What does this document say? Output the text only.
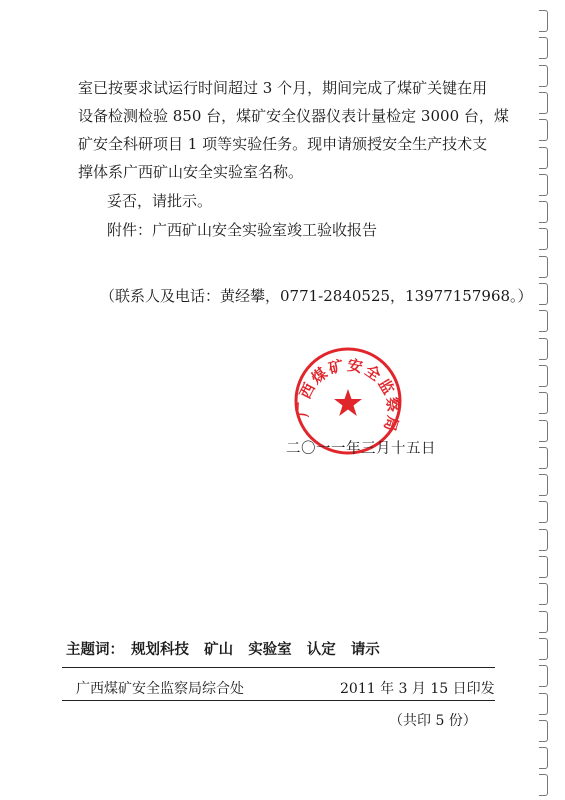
室已按要求试运行时间超过 3 个月，期间完成了煤矿关键在用
设备检测检验 850 台，煤矿安全仪器仪表计量检定 3000 台，煤
矿安全科研项目 1 项等实验任务。现申请颁授安全生产技术支
撑体系广西矿山安全实验室名称。
妥否，请批示。
附件：广西矿山安全实验室竣工验收报告
（联系人及电话：黄经攀，0771-2840525，13977157968。）
广西煤矿安全监察局
二〇一一年三月十五日
主题词： 规划科技 矿山 实验室 认定 请示
广西煤矿安全监察局综合处	2011 年 3 月 15 日印发
（共印 5 份）
